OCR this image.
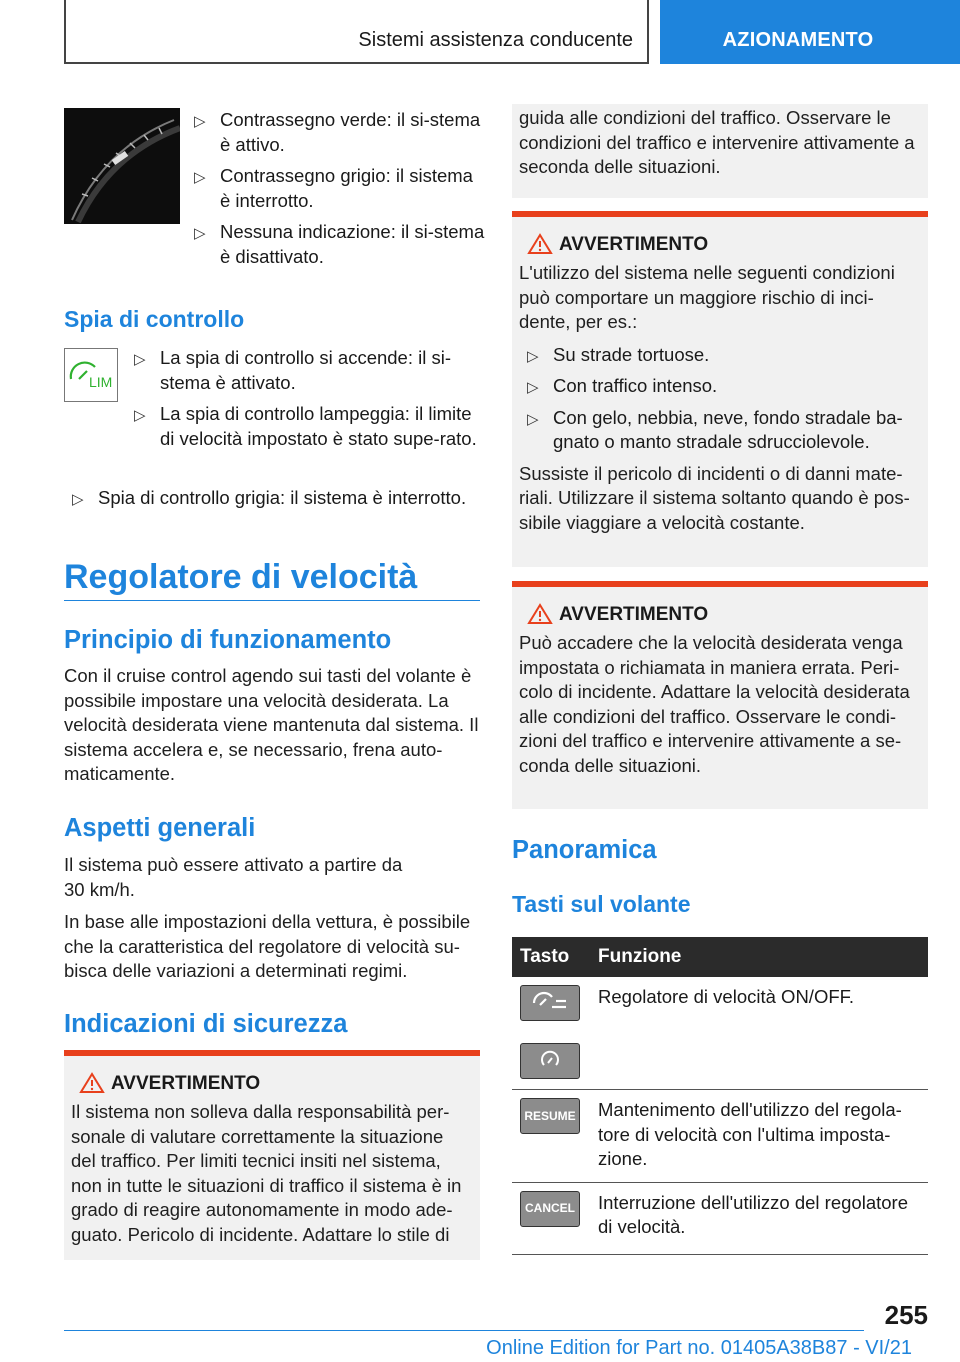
Sistemi assistenza conducente	AZIONAMENTO
▷ Contrassegno verde: il si-stema è attivo.
▷ Contrassegno grigio: il sistema è interrotto.
▷ Nessuna indicazione: il si-stema è disattivato.
Spia di controllo
LIM
▷ La spia di controllo si accende: il si-stema è attivato.
▷ La spia di controllo lampeggia: il limite di velocità impostato è stato supe-rato.
▷ Spia di controllo grigia: il sistema è interrotto.
Regolatore di velocità
Principio di funzionamento
Con il cruise control agendo sui tasti del volante è possibile impostare una velocità desiderata. La velocità desiderata viene mantenuta dal sistema. Il sistema accelera e, se necessario, frena auto-maticamente.
Aspetti generali
Il sistema può essere attivato a partire da 30 km/h.
In base alle impostazioni della vettura, è possibile che la caratteristica del regolatore di velocità su-bisca delle variazioni a determinati regimi.
Indicazioni di sicurezza
AVVERTIMENTO
Il sistema non solleva dalla responsabilità per-sonale di valutare correttamente la situazione del traffico. Per limiti tecnici insiti nel sistema, non in tutte le situazioni di traffico il sistema è in grado di reagire autonomamente in modo ade-guato. Pericolo di incidente. Adattare lo stile di
guida alle condizioni del traffico. Osservare le condizioni del traffico e intervenire attivamente a seconda delle situazioni.
AVVERTIMENTO
L'utilizzo del sistema nelle seguenti condizioni può comportare un maggiore rischio di inci-dente, per es.:
▷ Su strade tortuose.
▷ Con traffico intenso.
▷ Con gelo, nebbia, neve, fondo stradale ba-gnato o manto stradale sdrucciolevole.
Sussiste il pericolo di incidenti o di danni mate-riali. Utilizzare il sistema soltanto quando è pos-sibile viaggiare a velocità costante.
AVVERTIMENTO
Può accadere che la velocità desiderata venga impostata o richiamata in maniera errata. Peri-colo di incidente. Adattare la velocità desiderata alle condizioni del traffico. Osservare le condi-zioni del traffico e intervenire attivamente a se-conda delle situazioni.
Panoramica
Tasti sul volante
Tasto	Funzione

	Regolatore di velocità ON/OFF.

RESUME	Mantenimento dell'utilizzo del regola-tore di velocità con l'ultima imposta-zione.

CANCEL	Interruzione dell'utilizzo del regolatore di velocità.
255
Online Edition for Part no. 01405A38B87 - VI/21
